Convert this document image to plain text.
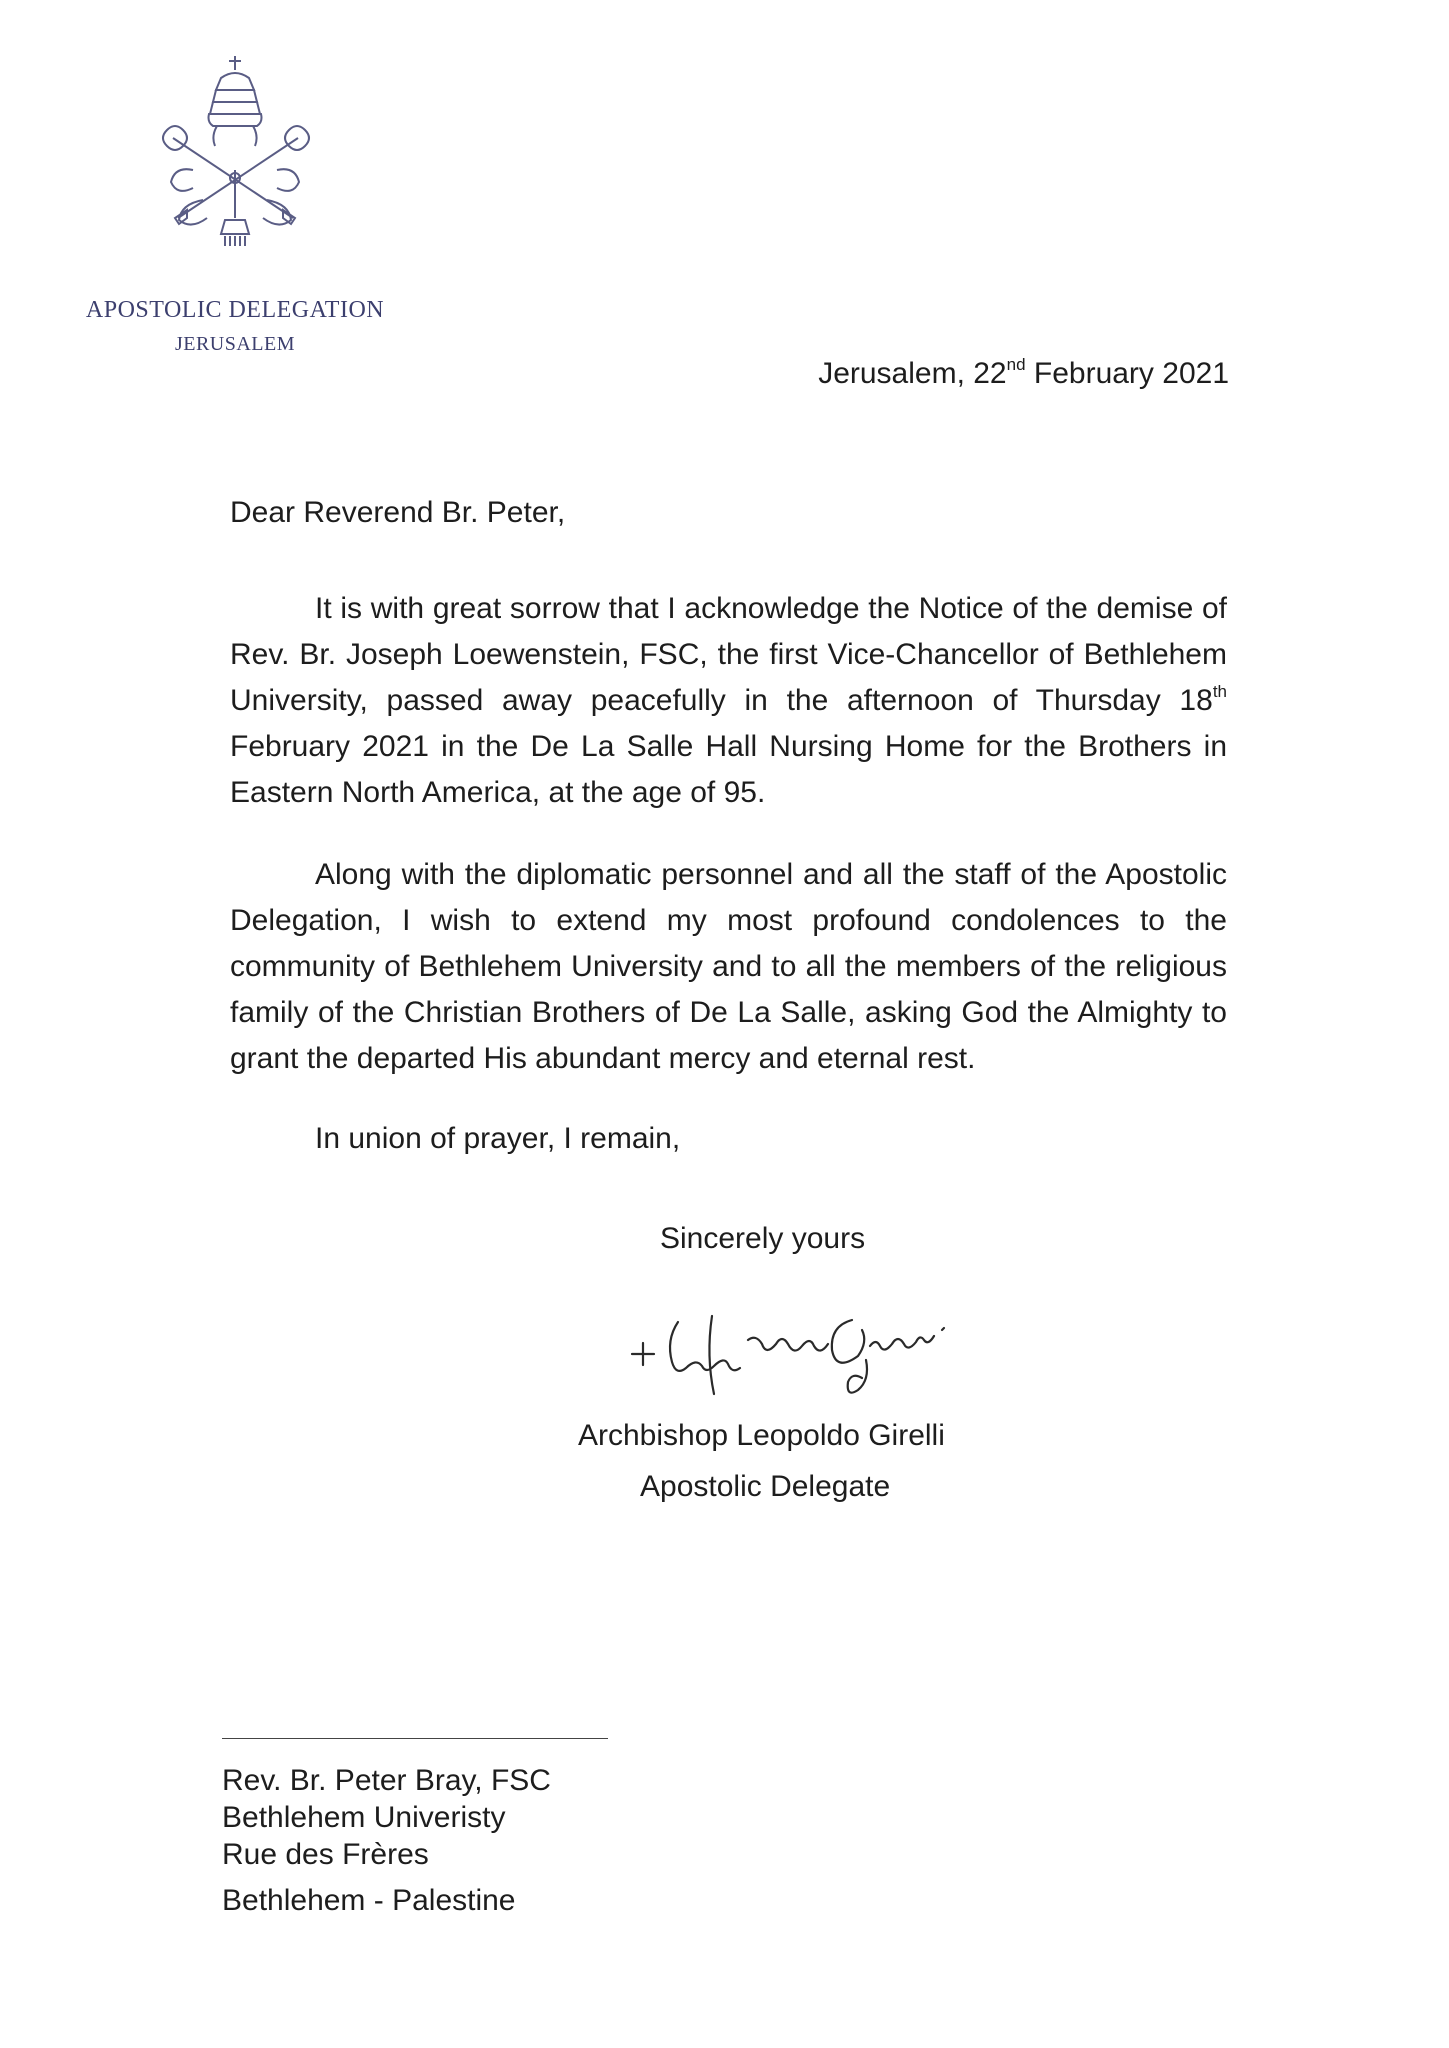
APOSTOLIC DELEGATION
JERUSALEM
Jerusalem, 22nd February 2021
Dear Reverend Br. Peter,

It is with great sorrow that I acknowledge the Notice of the demise of Rev. Br. Joseph Loewenstein, FSC, the first Vice-Chancellor of Bethlehem University, passed away peacefully in the afternoon of Thursday 18th February 2021 in the De La Salle Hall Nursing Home for the Brothers in Eastern North America, at the age of 95.

Along with the diplomatic personnel and all the staff of the Apostolic Delegation, I wish to extend my most profound condolences to the community of Bethlehem University and to all the members of the religious family of the Christian Brothers of De La Salle, asking God the Almighty to grant the departed His abundant mercy and eternal rest.

In union of prayer, I remain,
Sincerely yours
Archbishop Leopoldo Girelli
Apostolic Delegate
Rev. Br. Peter Bray, FSC
Bethlehem Univeristy
Rue des Frères
Bethlehem - Palestine
